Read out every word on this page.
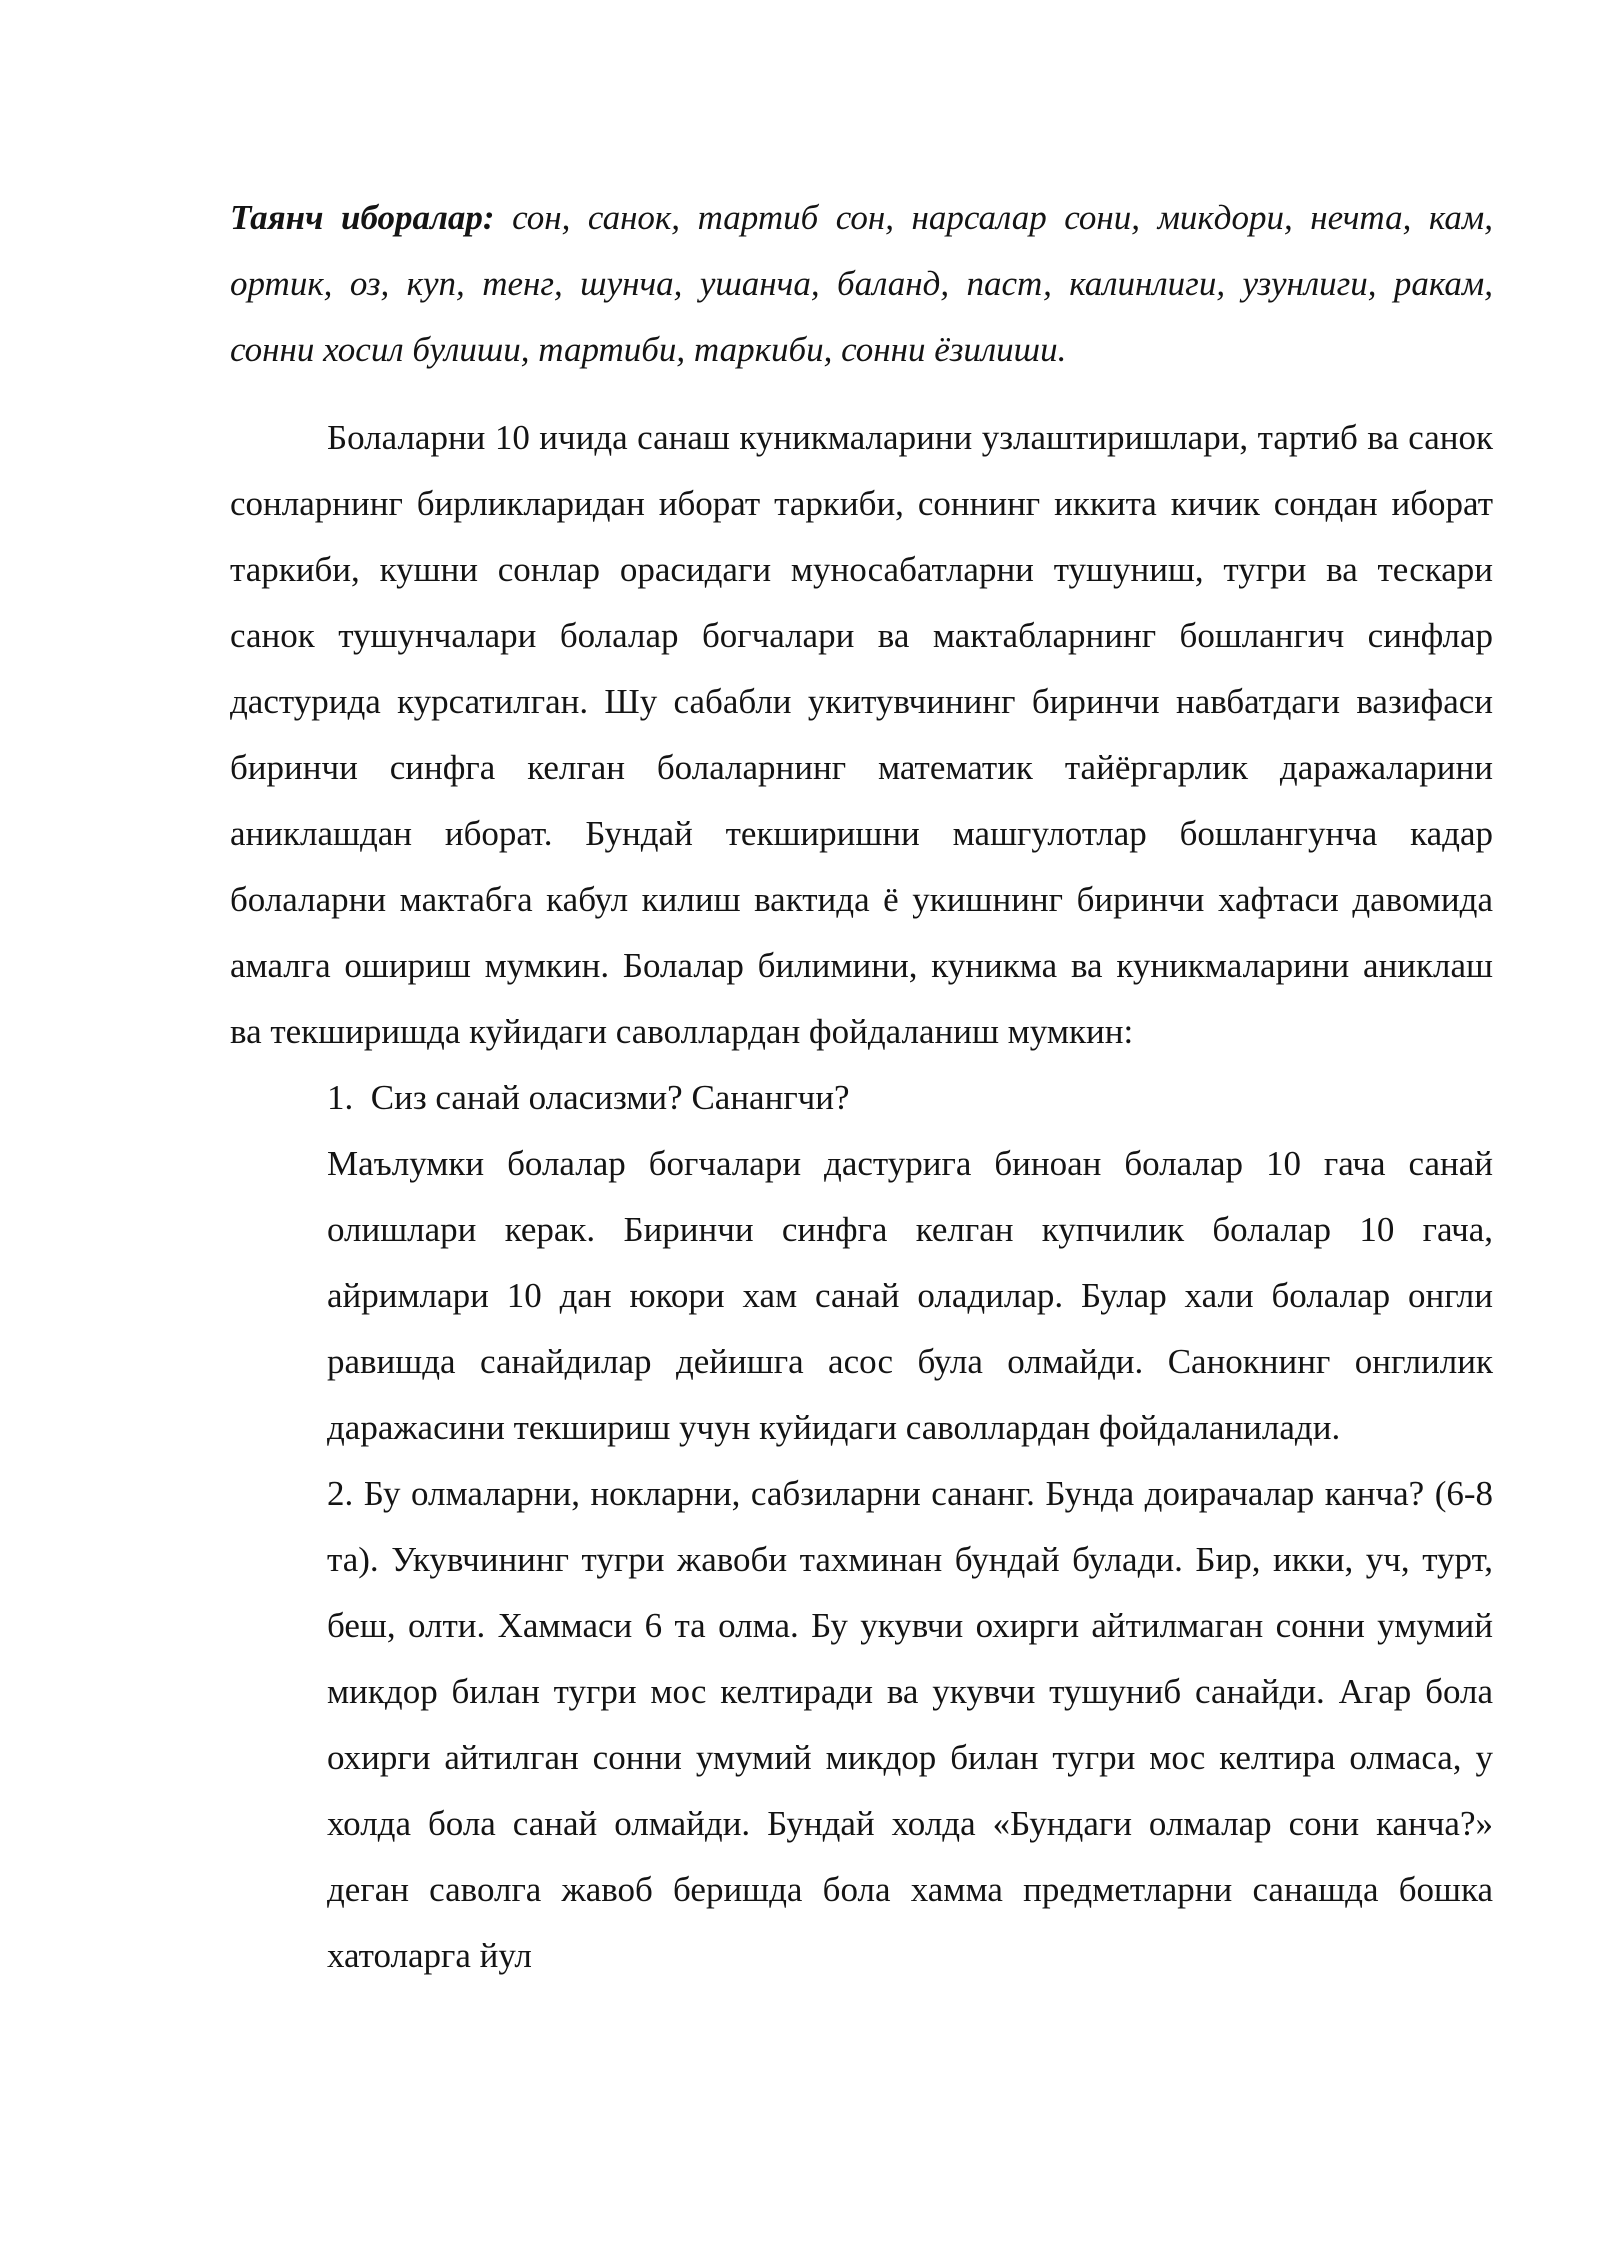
Таянч иборалар: сон, санок, тартиб сон, нарсалар сони, микдори, нечта, кам, ортик, оз, куп, тенг, шунча, ушанча, баланд, паст, калинлиги, узунлиги, ракам, сонни хосил булиши, тартиби, таркиби, сонни ёзилиши.

Болаларни 10 ичида санаш куникмаларини узлаштиришлари, тартиб ва санок сонларнинг бирликларидан иборат таркиби, соннинг иккита кичик сондан иборат таркиби, кушни сонлар орасидаги муносабатларни тушуниш, тугри ва тескари санок тушунчалари болалар богчалари ва мактабларнинг бошлангич синфлар дастурида курсатилган. Шу сабабли укитувчининг биринчи навбатдаги вазифаси биринчи синфга келган болаларнинг математик тайёргарлик даражаларини аниклашдан иборат. Бундай текширишни машгулотлар бошлангунча кадар болаларни мактабга кабул килиш вактида ё укишнинг биринчи хафтаси давомида амалга ошириш мумкин. Болалар билимини, куникма ва куникмаларини аниклаш ва текширишда куйидаги саволлардан фойдаланиш мумкин:

1. Сиз санай оласизми? Санангчи?

Маълумки болалар богчалари дастурига биноан болалар 10 гача санай олишлари керак. Биринчи синфга келган купчилик болалар 10 гача, айримлари 10 дан юкори хам санай оладилар. Булар хали болалар онгли равишда санайдилар дейишга асос була олмайди. Санокнинг онглилик даражасини текшириш учун куйидаги саволлардан фойдаланилади.

2. Бу олмаларни, нокларни, сабзиларни сананг. Бунда доирачалар канча? (6-8 та). Укувчининг тугри жавоби тахминан бундай булади. Бир, икки, уч, турт, беш, олти. Хаммаси 6 та олма. Бу укувчи охирги айтилмаган сонни умумий микдор билан тугри мос келтиради ва укувчи тушуниб санайди. Агар бола охирги айтилган сонни умумий микдор билан тугри мос келтира олмаса, у холда бола санай олмайди. Бундай холда «Бундаги олмалар сони канча?» деган саволга жавоб беришда бола хамма предметларни санашда бошка хатоларга йул
